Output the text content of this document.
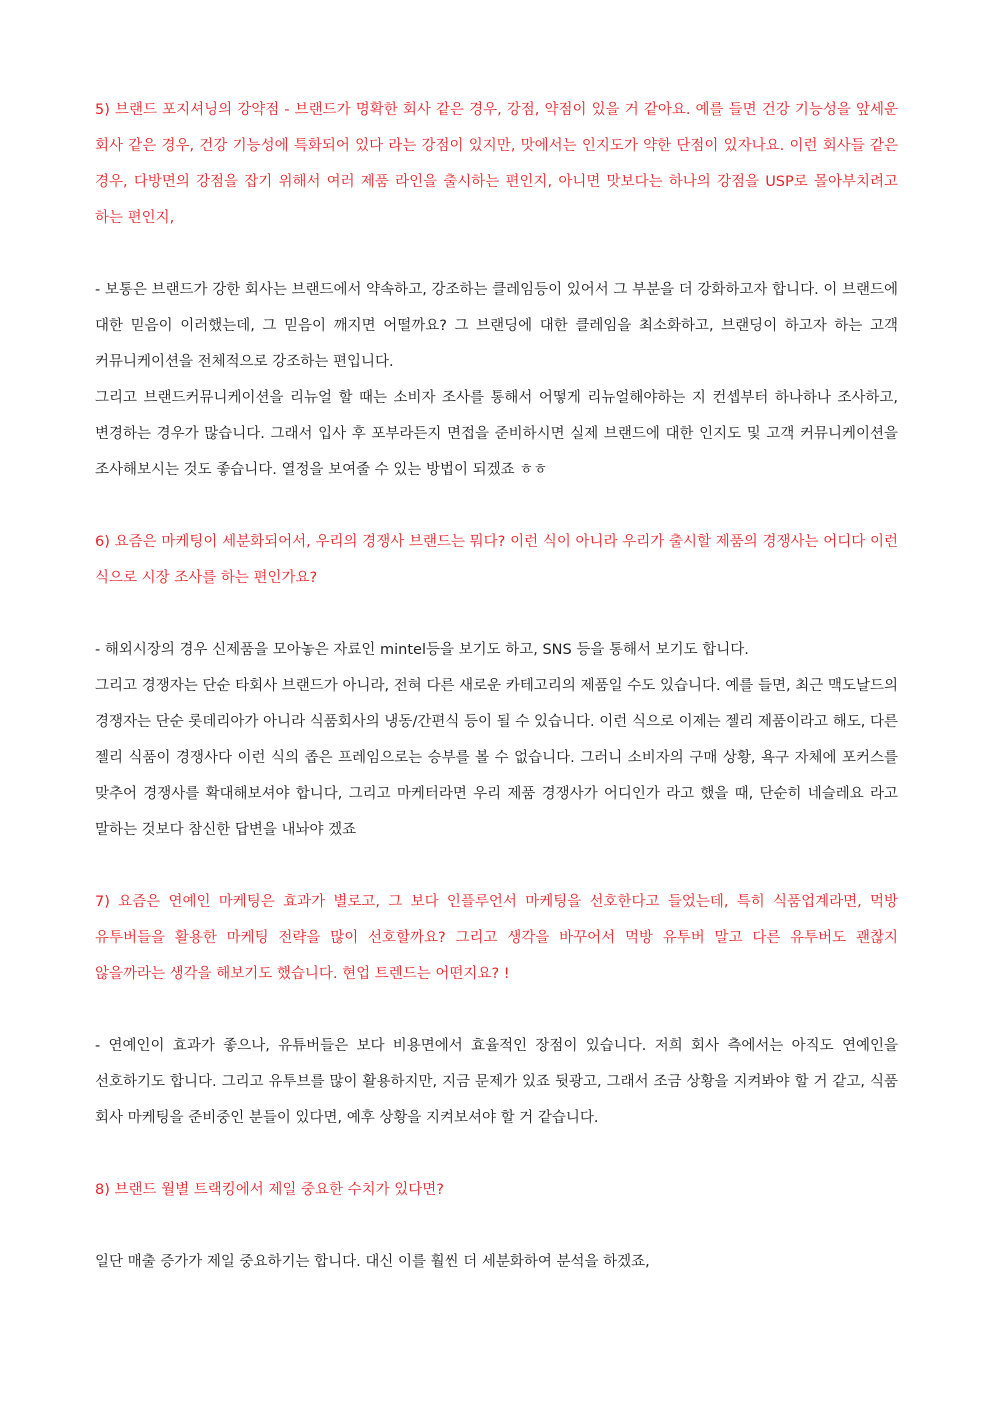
5) 브랜드 포지셔닝의 강약점 - 브랜드가 명확한 회사 같은 경우, 강점, 약점이 있을 거 같아요. 예를 들면 건강 기능성을 앞세운 회사 같은 경우, 건강 기능성에 특화되어 있다 라는 강점이 있지만, 맛에서는 인지도가 약한 단점이 있자나요. 이런 회사들 같은 경우, 다방면의 강점을 잡기 위해서 여러 제품 라인을 출시하는 편인지, 아니면 맛보다는 하나의 강점을 USP로 몰아부치려고 하는 편인지,

- 보통은 브랜드가 강한 회사는 브랜드에서 약속하고, 강조하는 클레임등이 있어서 그 부분을 더 강화하고자 합니다. 이 브랜드에 대한 믿음이 이러했는데, 그 믿음이 깨지면 어떨까요? 그 브랜딩에 대한 클레임을 최소화하고, 브랜딩이 하고자 하는 고객 커뮤니케이션을 전체적으로 강조하는 편입니다.

그리고 브랜드커뮤니케이션을 리뉴얼 할 때는 소비자 조사를 통해서 어떻게 리뉴얼해야하는 지 컨셉부터 하나하나 조사하고, 변경하는 경우가 많습니다. 그래서 입사 후 포부라든지 면접을 준비하시면 실제 브랜드에 대한 인지도 및 고객 커뮤니케이션을 조사해보시는 것도 좋습니다. 열정을 보여줄 수 있는 방법이 되겠죠 ㅎㅎ

6) 요즘은 마케팅이 세분화되어서, 우리의 경쟁사 브랜드는 뭐다? 이런 식이 아니라 우리가 출시할 제품의 경쟁사는 어디다 이런 식으로 시장 조사를 하는 편인가요?

- 해외시장의 경우 신제품을 모아놓은 자료인 mintel등을 보기도 하고, SNS 등을 통해서 보기도 합니다.

그리고 경쟁자는 단순 타회사 브랜드가 아니라, 전혀 다른 새로운 카테고리의 제품일 수도 있습니다. 예를 들면, 최근 맥도날드의 경쟁자는 단순 롯데리아가 아니라 식품회사의 냉동/간편식 등이 될 수 있습니다. 이런 식으로 이제는 젤리 제품이라고 해도, 다른 젤리 식품이 경쟁사다 이런 식의 좁은 프레임으로는 승부를 볼 수 없습니다. 그러니 소비자의 구매 상황, 욕구 자체에 포커스를 맞추어 경쟁사를 확대해보셔야 합니다, 그리고 마케터라면 우리 제품 경쟁사가 어디인가 라고 했을 때, 단순히 네슬레요 라고 말하는 것보다 참신한 답변을 내놔야 겠죠

7) 요즘은 연예인 마케팅은 효과가 별로고, 그 보다 인플루언서 마케팅을 선호한다고 들었는데, 특히 식품업계라면, 먹방 유투버들을 활용한 마케팅 전략을 많이 선호할까요? 그리고 생각을 바꾸어서 먹방 유투버 말고 다른 유투버도 괜찮지 않을까라는 생각을 해보기도 했습니다. 현업 트렌드는 어떤지요? !

- 연예인이 효과가 좋으나, 유튜버들은 보다 비용면에서 효율적인 장점이 있습니다. 저희 회사 측에서는 아직도 연예인을 선호하기도 합니다. 그리고 유투브를 많이 활용하지만, 지금 문제가 있죠 뒷광고, 그래서 조금 상황을 지켜봐야 할 거 같고, 식품 회사 마케팅을 준비중인 분들이 있다면, 예후 상황을 지켜보셔야 할 거 같습니다.

8) 브랜드 월별 트랙킹에서 제일 중요한 수치가 있다면?

일단 매출 증가가 제일 중요하기는 합니다. 대신 이를 훨씬 더 세분화하여 분석을 하겠죠,
